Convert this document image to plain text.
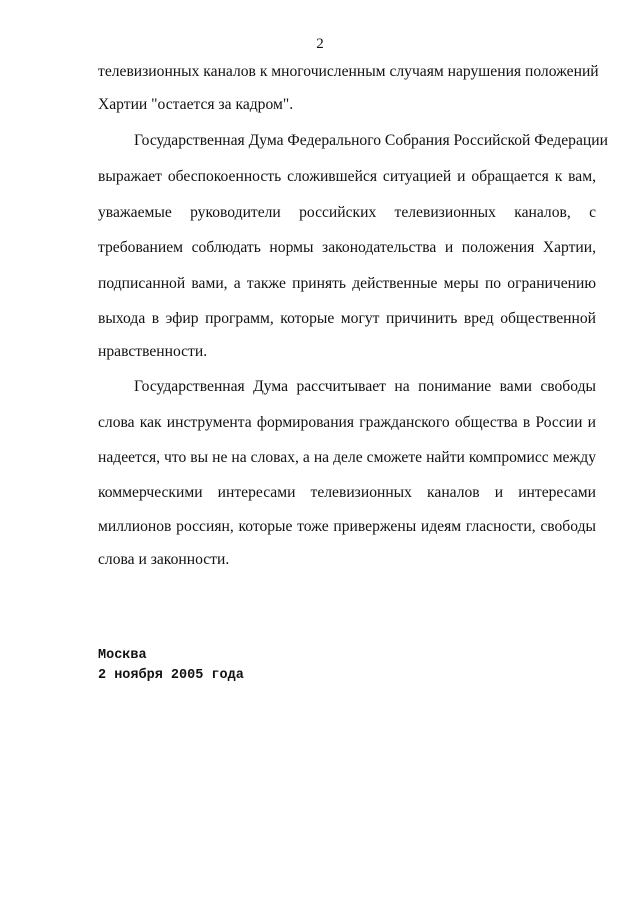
2
телевизионных каналов к многочисленным случаям нарушения положений
Хартии "остается за кадром".
Государственная Дума Федерального Собрания Российской Федерации
выражает обеспокоенность сложившейся ситуацией и обращается к вам,
уважаемые руководители российских телевизионных каналов, с
требованием соблюдать нормы законодательства и положения Хартии,
подписанной вами, а также принять действенные меры по ограничению
выхода в эфир программ, которые могут причинить вред общественной
нравственности.
Государственная Дума рассчитывает на понимание вами свободы
слова как инструмента формирования гражданского общества в России и
надеется, что вы не на словах, а на деле сможете найти компромисс между
коммерческими интересами телевизионных каналов и интересами
миллионов россиян, которые тоже привержены идеям гласности, свободы
слова и законности.
Москва
2 ноября 2005 года
